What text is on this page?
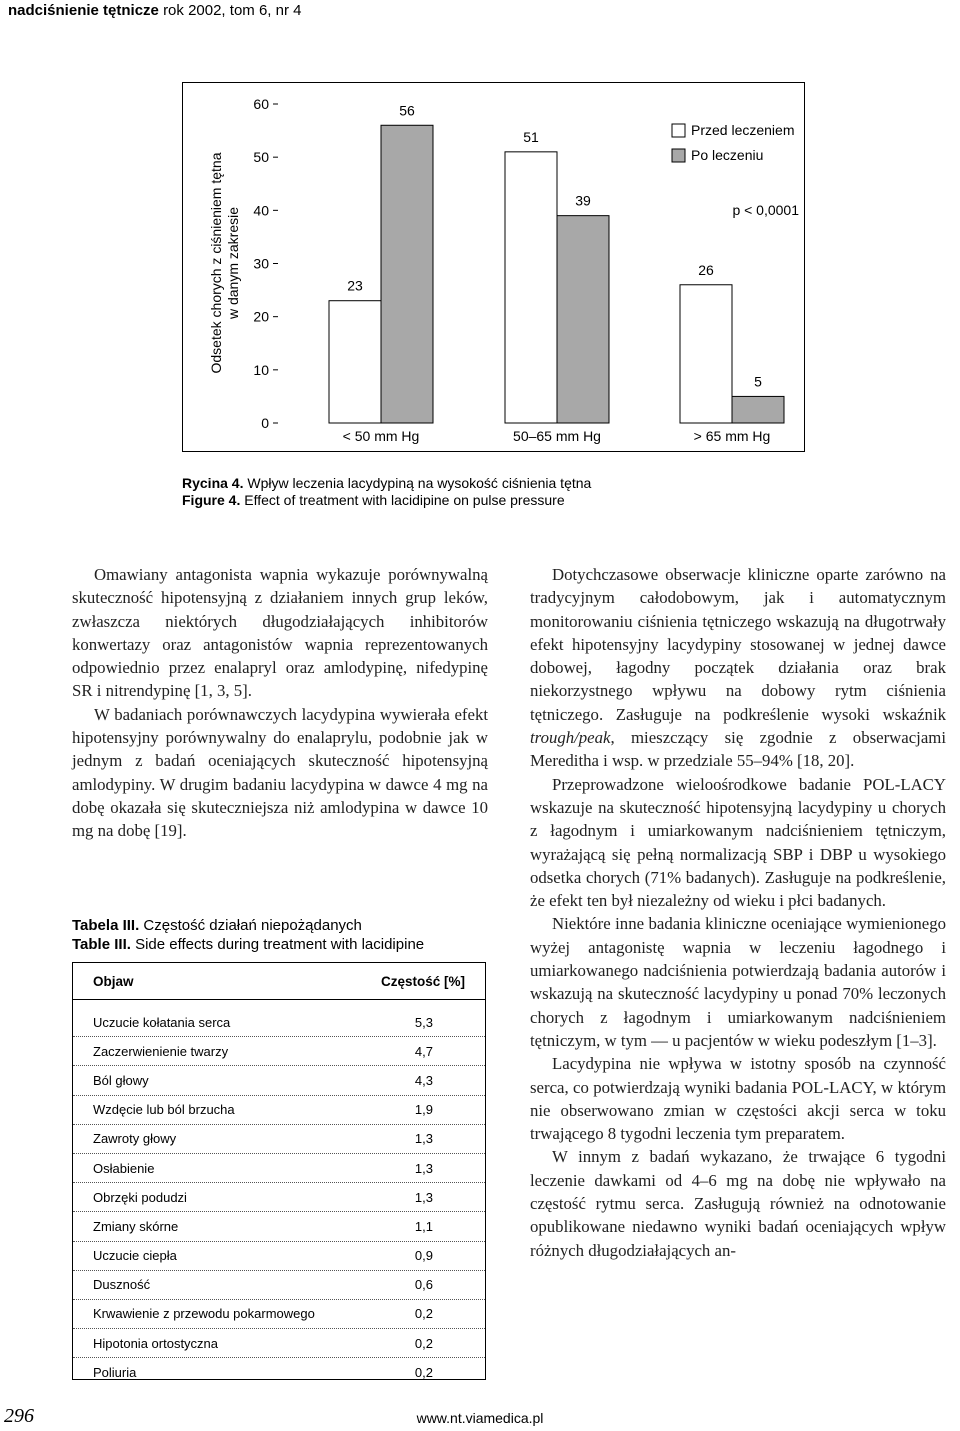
nadciśnienie tętnicze rok 2002, tom 6, nr 4
0
10
20
30
40
50
60
Odsetek chorych z ciśnieniem tętna w danym zakresie	23
56
< 50 mm Hg
51
39
50–65 mm Hg
26
5
> 65 mm Hg
Przed leczeniem
Po leczeniu
p < 0,0001
Rycina 4. Wpływ leczenia lacydypiną na wysokość ciśnienia tętna
Figure 4. Effect of treatment with lacidipine on pulse pressure

Omawiany antagonista wapnia wykazuje porównywalną skuteczność hipotensyjną z działaniem innych grup leków, zwłaszcza niektórych długodziałających inhibitorów konwertazy oraz antagonistów wapnia reprezentowanych odpowiednio przez enalapryl oraz amlodypinę, nifedypinę SR i nitrendypinę [1, 3, 5].

W badaniach porównawczych lacydypina wywierała efekt hipotensyjny porównywalny do enalaprylu, podobnie jak w jednym z badań oceniających skuteczność hipotensyjną amlodypiny. W drugim badaniu lacydypina w dawce 4 mg na dobę okazała się skuteczniejsza niż amlodypina w dawce 10 mg na dobę [19].

Tabela III. Częstość działań niepożądanych
Table III. Side effects during treatment with lacidipine
Objaw	Częstość [%]
Uczucie kołatania serca	5,3
Zaczerwienienie twarzy	4,7
Ból głowy	4,3
Wzdęcie lub ból brzucha	1,9
Zawroty głowy	1,3
Osłabienie	1,3
Obrzęki podudzi	1,3
Zmiany skórne	1,1
Uczucie ciepła	0,9
Duszność	0,6
Krwawienie z przewodu pokarmowego	0,2
Hipotonia ortostyczna	0,2
Poliuria	0,2

Dotychczasowe obserwacje kliniczne oparte zarówno na tradycyjnym całodobowym, jak i automatycznym monitorowaniu ciśnienia tętniczego wskazują na długotrwały efekt hipotensyjny lacydypiny stosowanej w jednej dawce dobowej, łagodny początek działania oraz brak niekorzystnego wpływu na dobowy rytm ciśnienia tętniczego. Zasługuje na podkreślenie wysoki wskaźnik trough/peak, mieszczący się zgodnie z obserwacjami Mereditha i wsp. w przedziale 55–94% [18, 20].

Przeprowadzone wieloośrodkowe badanie POL-LACY wskazuje na skuteczność hipotensyjną lacydypiny u chorych z łagodnym i umiarkowanym nadciśnieniem tętniczym, wyrażającą się pełną normalizacją SBP i DBP u wysokiego odsetka chorych (71% badanych). Zasługuje na podkreślenie, że efekt ten był niezależny od wieku i płci badanych.

Niektóre inne badania kliniczne oceniające wymienionego wyżej antagonistę wapnia w leczeniu łagodnego i umiarkowanego nadciśnienia potwierdzają badania autorów i wskazują na skuteczność lacydypiny u ponad 70% leczonych chorych z łagodnym i umiarkowanym nadciśnieniem tętniczym, w tym — u pacjentów w wieku podeszłym [1–3].

Lacydypina nie wpływa w istotny sposób na czynność serca, co potwierdzają wyniki badania POL-LACY, w którym nie obserwowano zmian w częstości akcji serca w toku trwającego 8 tygodni leczenia tym preparatem.

W innym z badań wykazano, że trwające 6 tygodni leczenie dawkami od 4–6 mg na dobę nie wpływało na częstość rytmu serca. Zasługują również na odnotowanie opublikowane niedawno wyniki badań oceniających wpływ różnych długodziałających an-

296	www.nt.viamedica.pl
